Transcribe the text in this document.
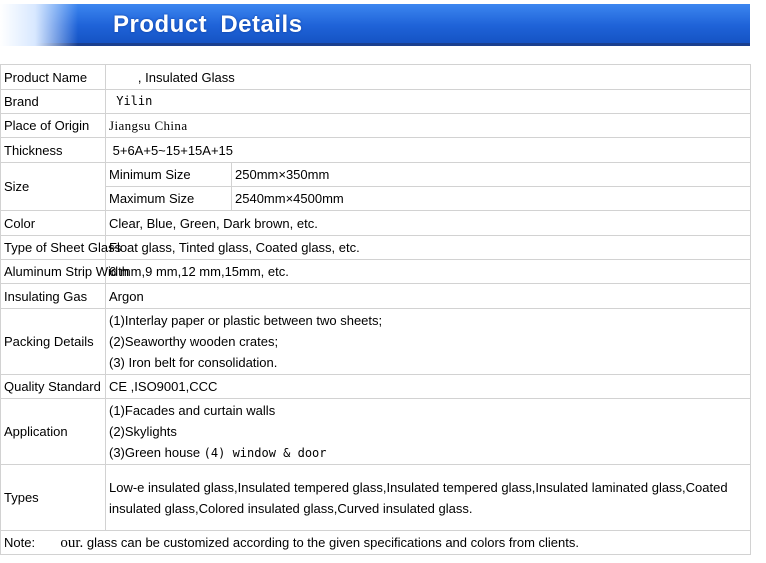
Product Details
Product Name	, Insulated Glass	
Brand	Yilin	
Place of Origin	Jiangsu China	
Thickness	5+6A+5~15+15A+15	
Size	Minimum Size	250mm×350mm
	Maximum Size	2540mm×4500mm
Color	Clear, Blue, Green, Dark brown, etc.	
Type of Sheet Glass	Float glass, Tinted glass, Coated glass, etc.	
Aluminum Strip Width	6 mm,9 mm,12 mm,15mm, etc.	
Insulating Gas	Argon	
Packing Details	(1)Interlay paper or plastic between two sheets;
(2)Seaworthy wooden crates;
(3) Iron belt for consolidation.	

Quality Standard	CE ,ISO9001,CCC	
Application	(1)Facades and curtain walls
(2)Skylights
(3)Green house (4) window & door	

Types	Low-e insulated glass,Insulated tempered glass,Insulated tempered glass,Insulated laminated glass,Coated insulated glass,Colored insulated glass,Curved insulated glass.	
Note: our. glass can be customized according to the given specifications and colors from clients.		
